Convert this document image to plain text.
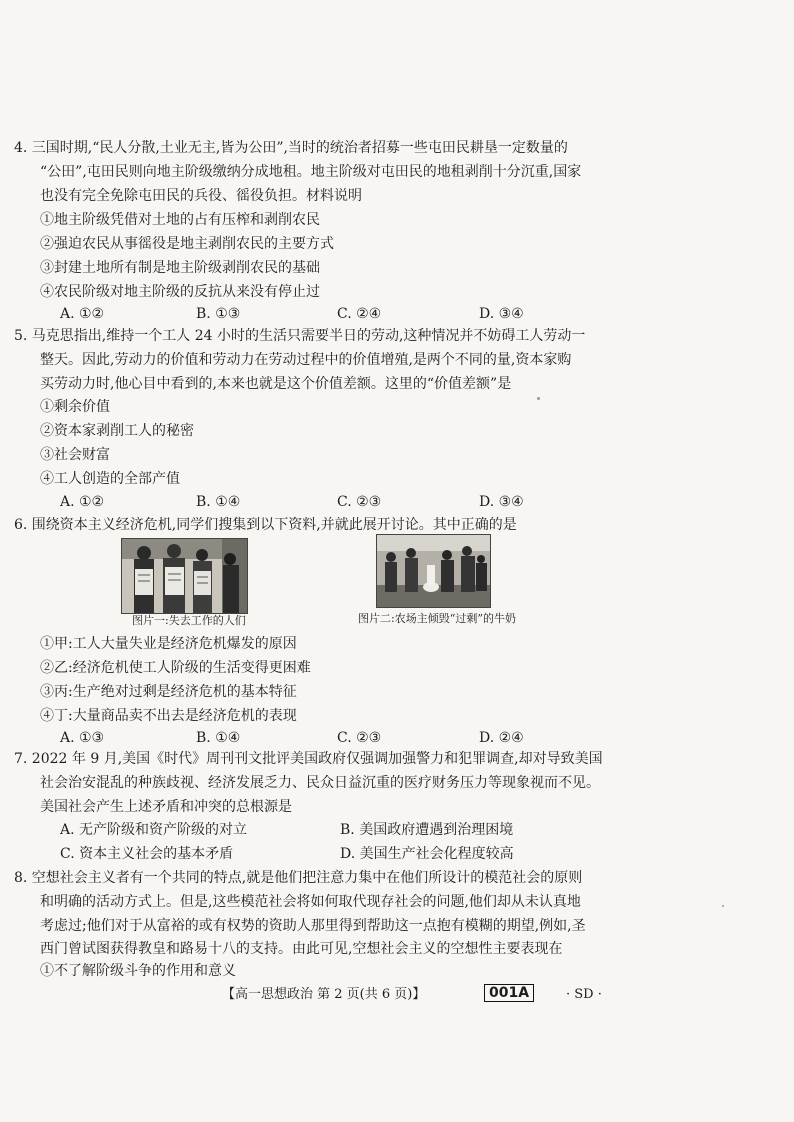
4. 三国时期,“民人分散,土业无主,皆为公田”,当时的统治者招募一些屯田民耕垦一定数量的
“公田”,屯田民则向地主阶级缴纳分成地租。地主阶级对屯田民的地租剥削十分沉重,国家
也没有完全免除屯田民的兵役、徭役负担。材料说明
①地主阶级凭借对土地的占有压榨和剥削农民
②强迫农民从事徭役是地主剥削农民的主要方式
③封建土地所有制是地主阶级剥削农民的基础
④农民阶级对地主阶级的反抗从来没有停止过
A. ①②	B. ①③	C. ②④	D. ③④
5. 马克思指出,维持一个工人 24 小时的生活只需要半日的劳动,这种情况并不妨碍工人劳动一
整天。因此,劳动力的价值和劳动力在劳动过程中的价值增殖,是两个不同的量,资本家购
买劳动力时,他心目中看到的,本来也就是这个价值差额。这里的“价值差额”是
①剩余价值
②资本家剥削工人的秘密
③社会财富
④工人创造的全部产值
A. ①②	B. ①④	C. ②③	D. ③④
6. 围绕资本主义经济危机,同学们搜集到以下资料,并就此展开讨论。其中正确的是
图片一:失去工作的人们	图片二:农场主倾毁“过剩”的牛奶
①甲:工人大量失业是经济危机爆发的原因
②乙:经济危机使工人阶级的生活变得更困难
③丙:生产绝对过剩是经济危机的基本特征
④丁:大量商品卖不出去是经济危机的表现
A. ①③	B. ①④	C. ②③	D. ②④
7. 2022 年 9 月,美国《时代》周刊刊文批评美国政府仅强调加强警力和犯罪调查,却对导致美国
社会治安混乱的种族歧视、经济发展乏力、民众日益沉重的医疗财务压力等现象视而不见。
美国社会产生上述矛盾和冲突的总根源是
A. 无产阶级和资产阶级的对立	B. 美国政府遭遇到治理困境
C. 资本主义社会的基本矛盾	D. 美国生产社会化程度较高
8. 空想社会主义者有一个共同的特点,就是他们把注意力集中在他们所设计的模范社会的原则
和明确的活动方式上。但是,这些模范社会将如何取代现存社会的问题,他们却从未认真地
考虑过;他们对于从富裕的或有权势的资助人那里得到帮助这一点抱有模糊的期望,例如,圣
西门曾试图获得教皇和路易十八的支持。由此可见,空想社会主义的空想性主要表现在
①不了解阶级斗争的作用和意义
【高一思想政治 第 2 页(共 6 页)】	001A	· SD ·
